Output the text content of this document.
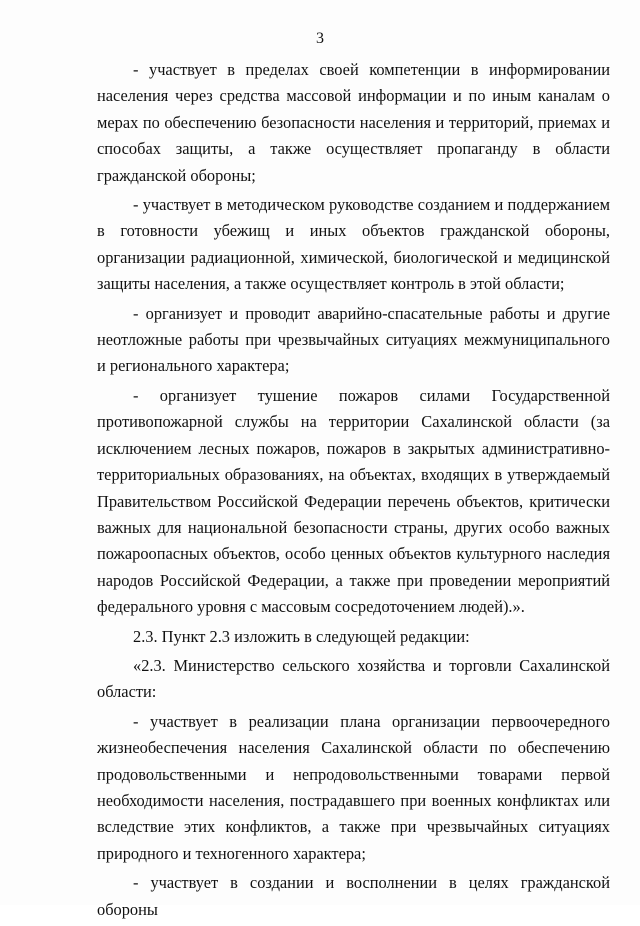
3

- участвует в пределах своей компетенции в информировании населения через средства массовой информации и по иным каналам о мерах по обеспечению безопасности населения и территорий, приемах и способах защиты, а также осуществляет пропаганду в области гражданской обороны;

- участвует в методическом руководстве созданием и поддержанием в готовности убежищ и иных объектов гражданской обороны, организации радиационной, химической, биологической и медицинской защиты населения, а также осуществляет контроль в этой области;

- организует и проводит аварийно-спасательные работы и другие неотложные работы при чрезвычайных ситуациях межмуниципального и регионального характера;

- организует тушение пожаров силами Государственной противопожарной службы на территории Сахалинской области (за исключением лесных пожаров, пожаров в закрытых административно-территориальных образованиях, на объектах, входящих в утверждаемый Правительством Российской Федерации перечень объектов, критически важных для национальной безопасности страны, других особо важных пожароопасных объектов, особо ценных объектов культурного наследия народов Российской Федерации, а также при проведении мероприятий федерального уровня с массовым сосредоточением людей).».

2.3. Пункт 2.3 изложить в следующей редакции:

«2.3. Министерство сельского хозяйства и торговли Сахалинской области:

- участвует в реализации плана организации первоочередного жизнеобеспечения населения Сахалинской области по обеспечению продовольственными и непродовольственными товарами первой необходимости населения, пострадавшего при военных конфликтах или вследствие этих конфликтов, а также при чрезвычайных ситуациях природного и техногенного характера;

- участвует в создании и восполнении в целях гражданской обороны
